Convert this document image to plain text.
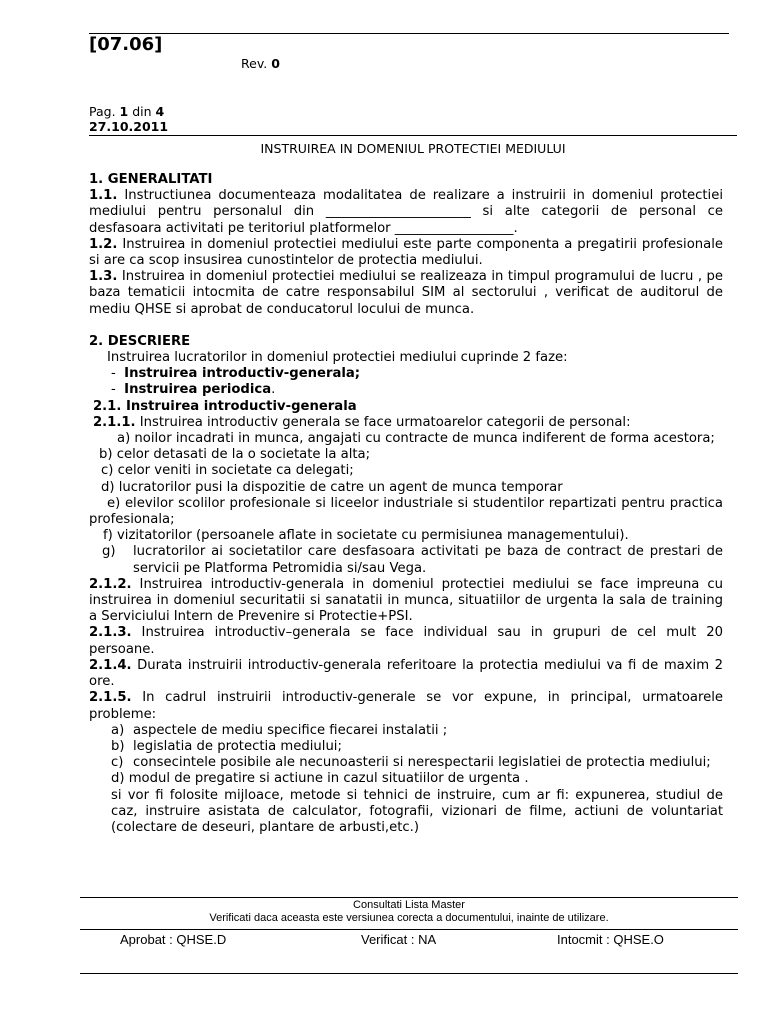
[07.06]
Rev. 0
Pag. 1 din 4
27.10.2011
INSTRUIREA IN DOMENIUL PROTECTIEI MEDIULUI
1. GENERALITATI

1.1. Instructiunea documenteaza modalitatea de realizare a instruirii in domeniul protectiei mediului pentru personalul din ______________________ si alte categorii de personal ce desfasoara activitati pe teritoriul platformelor __________________.

1.2. Instruirea in domeniul protectiei mediului este parte componenta a pregatirii profesionale si are ca scop insusirea cunostintelor de protectia mediului.

1.3. Instruirea in domeniul protectiei mediului se realizeaza in timpul programului de lucru , pe baza tematicii intocmita de catre responsabilul SIM al sectorului , verificat de auditorul de mediu QHSE si aprobat de conducatorul locului de munca.

2. DESCRIERE
Instruirea lucratorilor in domeniul protectiei mediului cuprinde 2 faze:
-  Instruirea introductiv-generala;
-  Instruirea periodica.
2.1. Instruirea introductiv-generala

2.1.1. Instruirea introductiv generala se face urmatoarelor categorii de personal:

a) noilor incadrati in munca, angajati cu contracte de munca indiferent de forma acestora;

b) celor detasati de la o societate la alta;
c) celor veniti in societate ca delegati;
d) lucratorilor pusi la dispozitie de catre un agent de munca temporar

e) elevilor scolilor profesionale si liceelor industriale si studentilor repartizati pentru practica profesionala;

f) vizitatorilor (persoanele aflate in societate cu permisiunea managementului).
g)	lucratorilor ai societatilor care desfasoara activitati pe baza de contract de prestari de servicii pe Platforma Petromidia si/sau Vega.

2.1.2. Instruirea introductiv-generala in domeniul protectiei mediului se face impreuna cu instruirea in domeniul securitatii si sanatatii in munca, situatiilor de urgenta la sala de training a Serviciului Intern de Prevenire si Protectie+PSI.

2.1.3. Instruirea introductiv–generala se face individual sau in grupuri de cel mult 20 persoane.

2.1.4. Durata instruirii introductiv-generala referitoare la protectia mediului va fi de maxim 2 ore.

2.1.5. In cadrul instruirii introductiv-generale se vor expune, in principal, urmatoarele probleme:

a) aspectele de mediu specifice fiecarei instalatii ;
b) legislatia de protectia mediului;
c) consecintele posibile ale necunoasterii si nerespectarii legislatiei de protectia mediului;
d) modul de pregatire si actiune in cazul situatiilor de urgenta .

si vor fi folosite mijloace, metode si tehnici de instruire, cum ar fi: expunerea, studiul de caz, instruire asistata de calculator, fotografii, vizionari de filme, actiuni de voluntariat (colectare de deseuri, plantare de arbusti,etc.)

Consultati Lista Master
Verificati daca aceasta este versiunea corecta a documentului, inainte de utilizare.
Aprobat : QHSE.D	Verificat : NA	Intocmit : QHSE.O
